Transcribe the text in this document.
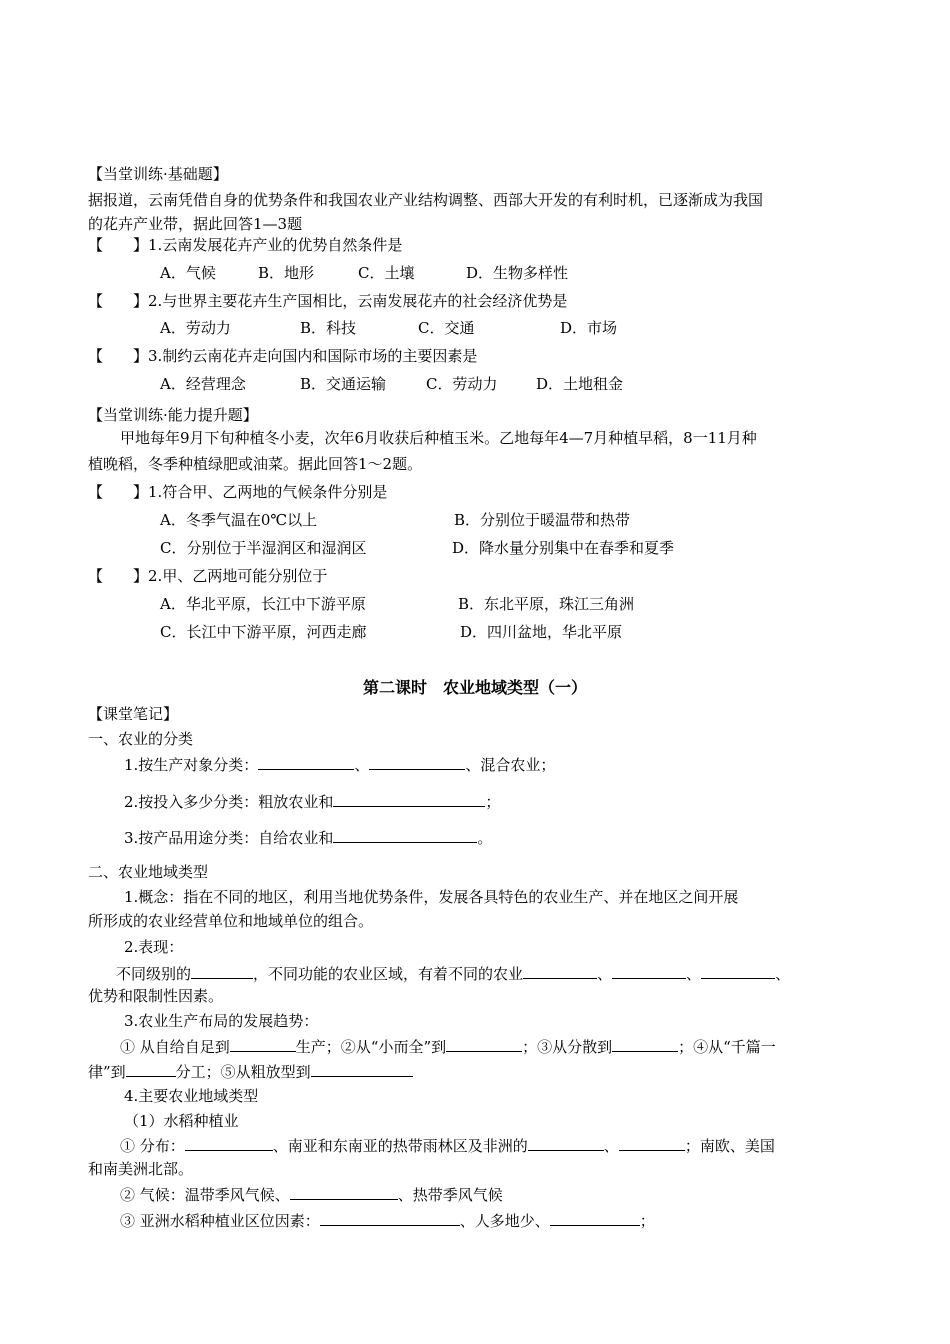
【当堂训练·基础题】
据报道，云南凭借自身的优势条件和我国农业产业结构调整、西部大开发的有利时机，已逐渐成为我国
的花卉产业带，据此回答1—3题
【　　】1.云南发展花卉产业的优势自然条件是
A．气候	B．地形	C．土壤	D．生物多样性
【　　】2.与世界主要花卉生产国相比，云南发展花卉的社会经济优势是
A．劳动力	B．科技	C．交通	D．市场
【　　】3.制约云南花卉走向国内和国际市场的主要因素是
A．经营理念	B．交通运输	C．劳动力	D．土地租金
【当堂训练·能力提升题】
甲地每年9月下旬种植冬小麦，次年6月收获后种植玉米。乙地每年4—7月种植早稻，8一11月种
植晚稻，冬季种植绿肥或油菜。据此回答1～2题。
【　　】1.符合甲、乙两地的气候条件分别是
A．冬季气温在0℃以上	B．分别位于暖温带和热带
C．分别位于半湿润区和湿润区	D．降水量分别集中在春季和夏季
【　　】2.甲、乙两地可能分别位于
A．华北平原，长江中下游平原	B．东北平原，珠江三角洲
C．长江中下游平原，河西走廊	D．四川盆地，华北平原
第二课时　农业地域类型（一）
【课堂笔记】
一、农业的分类
1.按生产对象分类：	、	、混合农业；
2.按投入多少分类：粗放农业和	；
3.按产品用途分类：自给农业和	。
二、农业地域类型
1.概念：指在不同的地区，利用当地优势条件，发展各具特色的农业生产、并在地区之间开展
所形成的农业经营单位和地域单位的组合。
2.表现：
不同级别的	，不同功能的农业区域，有着不同的农业	、	、	、
优势和限制性因素。
3.农业生产布局的发展趋势：
① 从自给自足到	生产；②从“小而全”到	；③从分散到	；④从“千篇一
律”到	分工；⑤从粗放型到
4.主要农业地域类型
（1）水稻种植业
① 分布：	、南亚和东南亚的热带雨林区及非洲的	、	；南欧、美国
和南美洲北部。
② 气候：温带季风气候、	、热带季风气候
③ 亚洲水稻种植业区位因素：	、人多地少、	；
